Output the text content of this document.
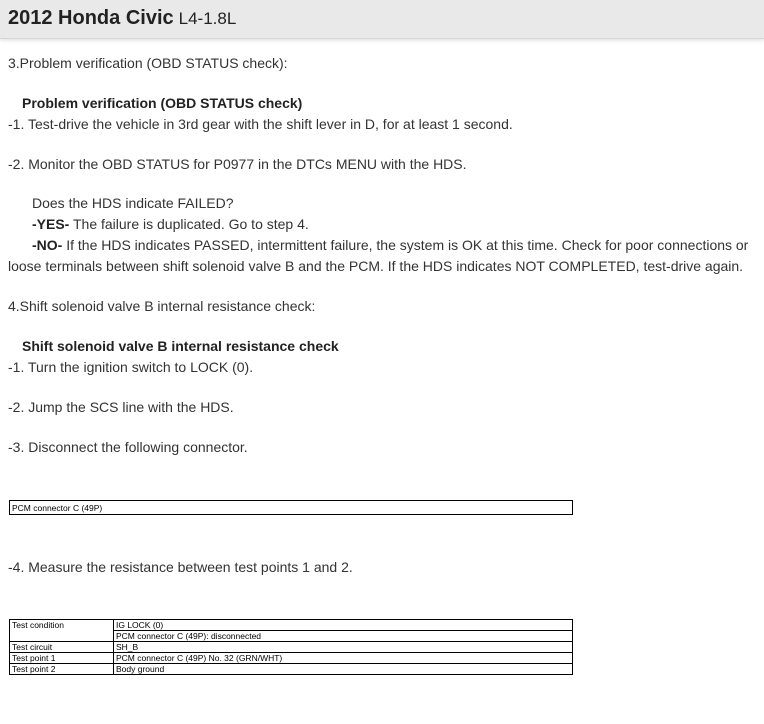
2012 Honda Civic L4-1.8L
3.Problem verification (OBD STATUS check):
Problem verification (OBD STATUS check)
-1. Test-drive the vehicle in 3rd gear with the shift lever in D, for at least 1 second.
-2. Monitor the OBD STATUS for P0977 in the DTCs MENU with the HDS.
Does the HDS indicate FAILED?
-YES- The failure is duplicated. Go to step 4.
-NO- If the HDS indicates PASSED, intermittent failure, the system is OK at this time. Check for poor connections or
loose terminals between shift solenoid valve B and the PCM. If the HDS indicates NOT COMPLETED, test-drive again.
4.Shift solenoid valve B internal resistance check:
Shift solenoid valve B internal resistance check
-1. Turn the ignition switch to LOCK (0).
-2. Jump the SCS line with the HDS.
-3. Disconnect the following connector.
PCM connector C (49P)
-4. Measure the resistance between test points 1 and 2.
Test condition	IG LOCK (0)
	PCM connector C (49P): disconnected
Test circuit	SH_B
Test point 1	PCM connector C (49P) No. 32 (GRN/WHT)
Test point 2	Body ground
